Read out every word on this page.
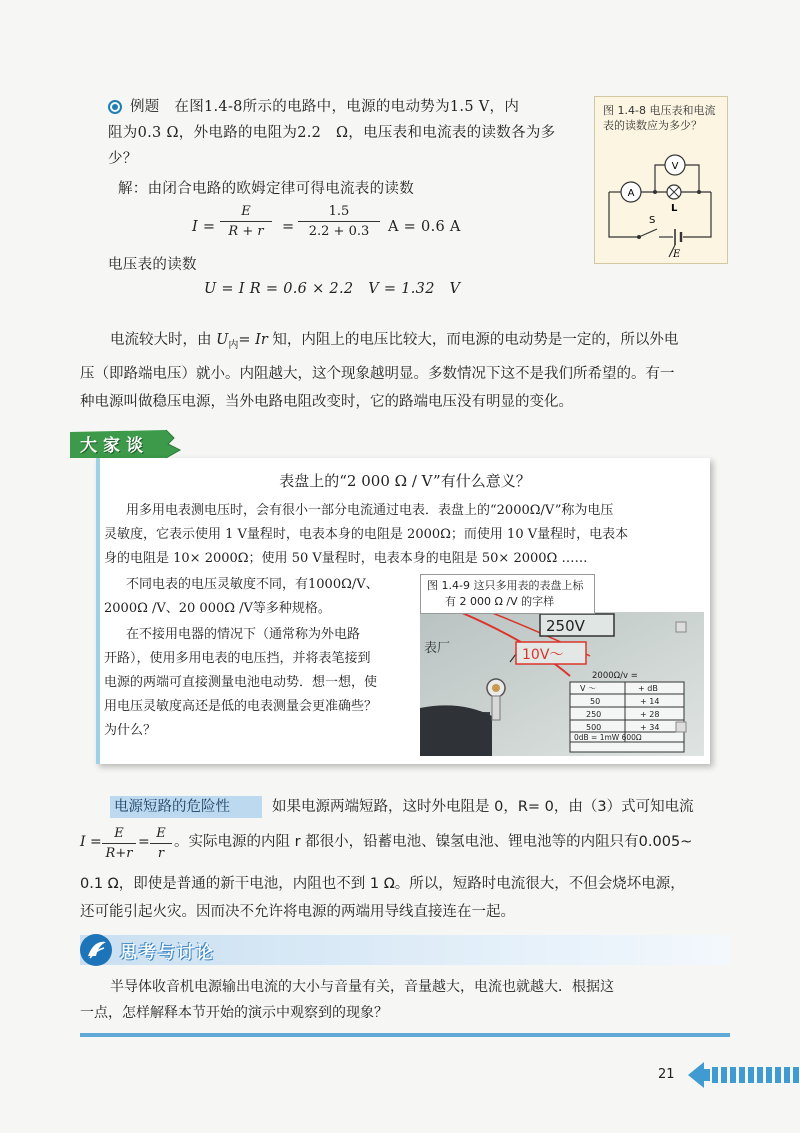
例题　在图1.4-8所示的电路中，电源的电动势为1.5 V，内
阻为0.3 Ω，外电路的电阻为2.2　Ω，电压表和电流表的读数各为多
少？
解：由闭合电路的欧姆定律可得电流表的读数
$I = \frac{E}{R + r} = \frac{1.5}{2.2 + 0.3}$ A = 0.6 A
电压表的读数
U = I R = 0.6 × 2.2　V = 1.32　V
图 1.4-8 电压表和电流表的读数应为多少？
A
V
L
S
E
电流较大时，由 $U_内= Ir$ 知，内阻上的电压比较大，而电源的电动势是一定的，所以外电
压（即路端电压）就小。内阻越大，这个现象越明显。多数情况下这不是我们所希望的。有一
种电源叫做稳压电源，当外电路电阻改变时，它的路端电压没有明显的变化。
大家谈
表盘上的“2 000 Ω / V”有什么意义？
用多用电表测电压时，会有很小一部分电流通过电表．表盘上的“2000Ω/V”称为电压
灵敏度，它表示使用 1 V量程时，电表本身的电阻是 2000Ω；而使用 10 V量程时，电表本
身的电阻是 10× 2000Ω；使用 50 V量程时，电表本身的电阻是 50× 2000Ω ……
不同电表的电压灵敏度不同，有1000Ω/V、
2000Ω /V、20 000Ω /V等多种规格。
在不接用电器的情况下（通常称为外电路
开路），使用多用电表的电压挡，并将表笔接到
电源的两端可直接测量电池电动势．想一想，使
用电压灵敏度高还是低的电表测量会更准确些？
为什么？
250V
10V～
表厂
2000Ω/v =
V ～	+ dB
50	+ 14
250	+ 28
500	+ 34
0dB = 1mW 600Ω
图 1.4-9 这只多用表的表盘上标
有 2 000 Ω /V 的字样
电源短路的危险性	如果电源两端短路，这时外电阻是 0，R= 0，由（3）式可知电流
$I = \frac{E}{R+r} = \frac{E}{r}$ 。实际电源的内阻 r 都很小，铅蓄电池、镍氢电池、锂电池等的内阻只有0.005~
0.1 Ω，即使是普通的新干电池，内阻也不到 1 Ω。所以，短路时电流很大，不但会烧坏电源，
还可能引起火灾。因而决不允许将电源的两端用导线直接连在一起。
思考与讨论
半导体收音机电源输出电流的大小与音量有关，音量越大，电流也就越大．根据这
一点，怎样解释本节开始的演示中观察到的现象？
21
